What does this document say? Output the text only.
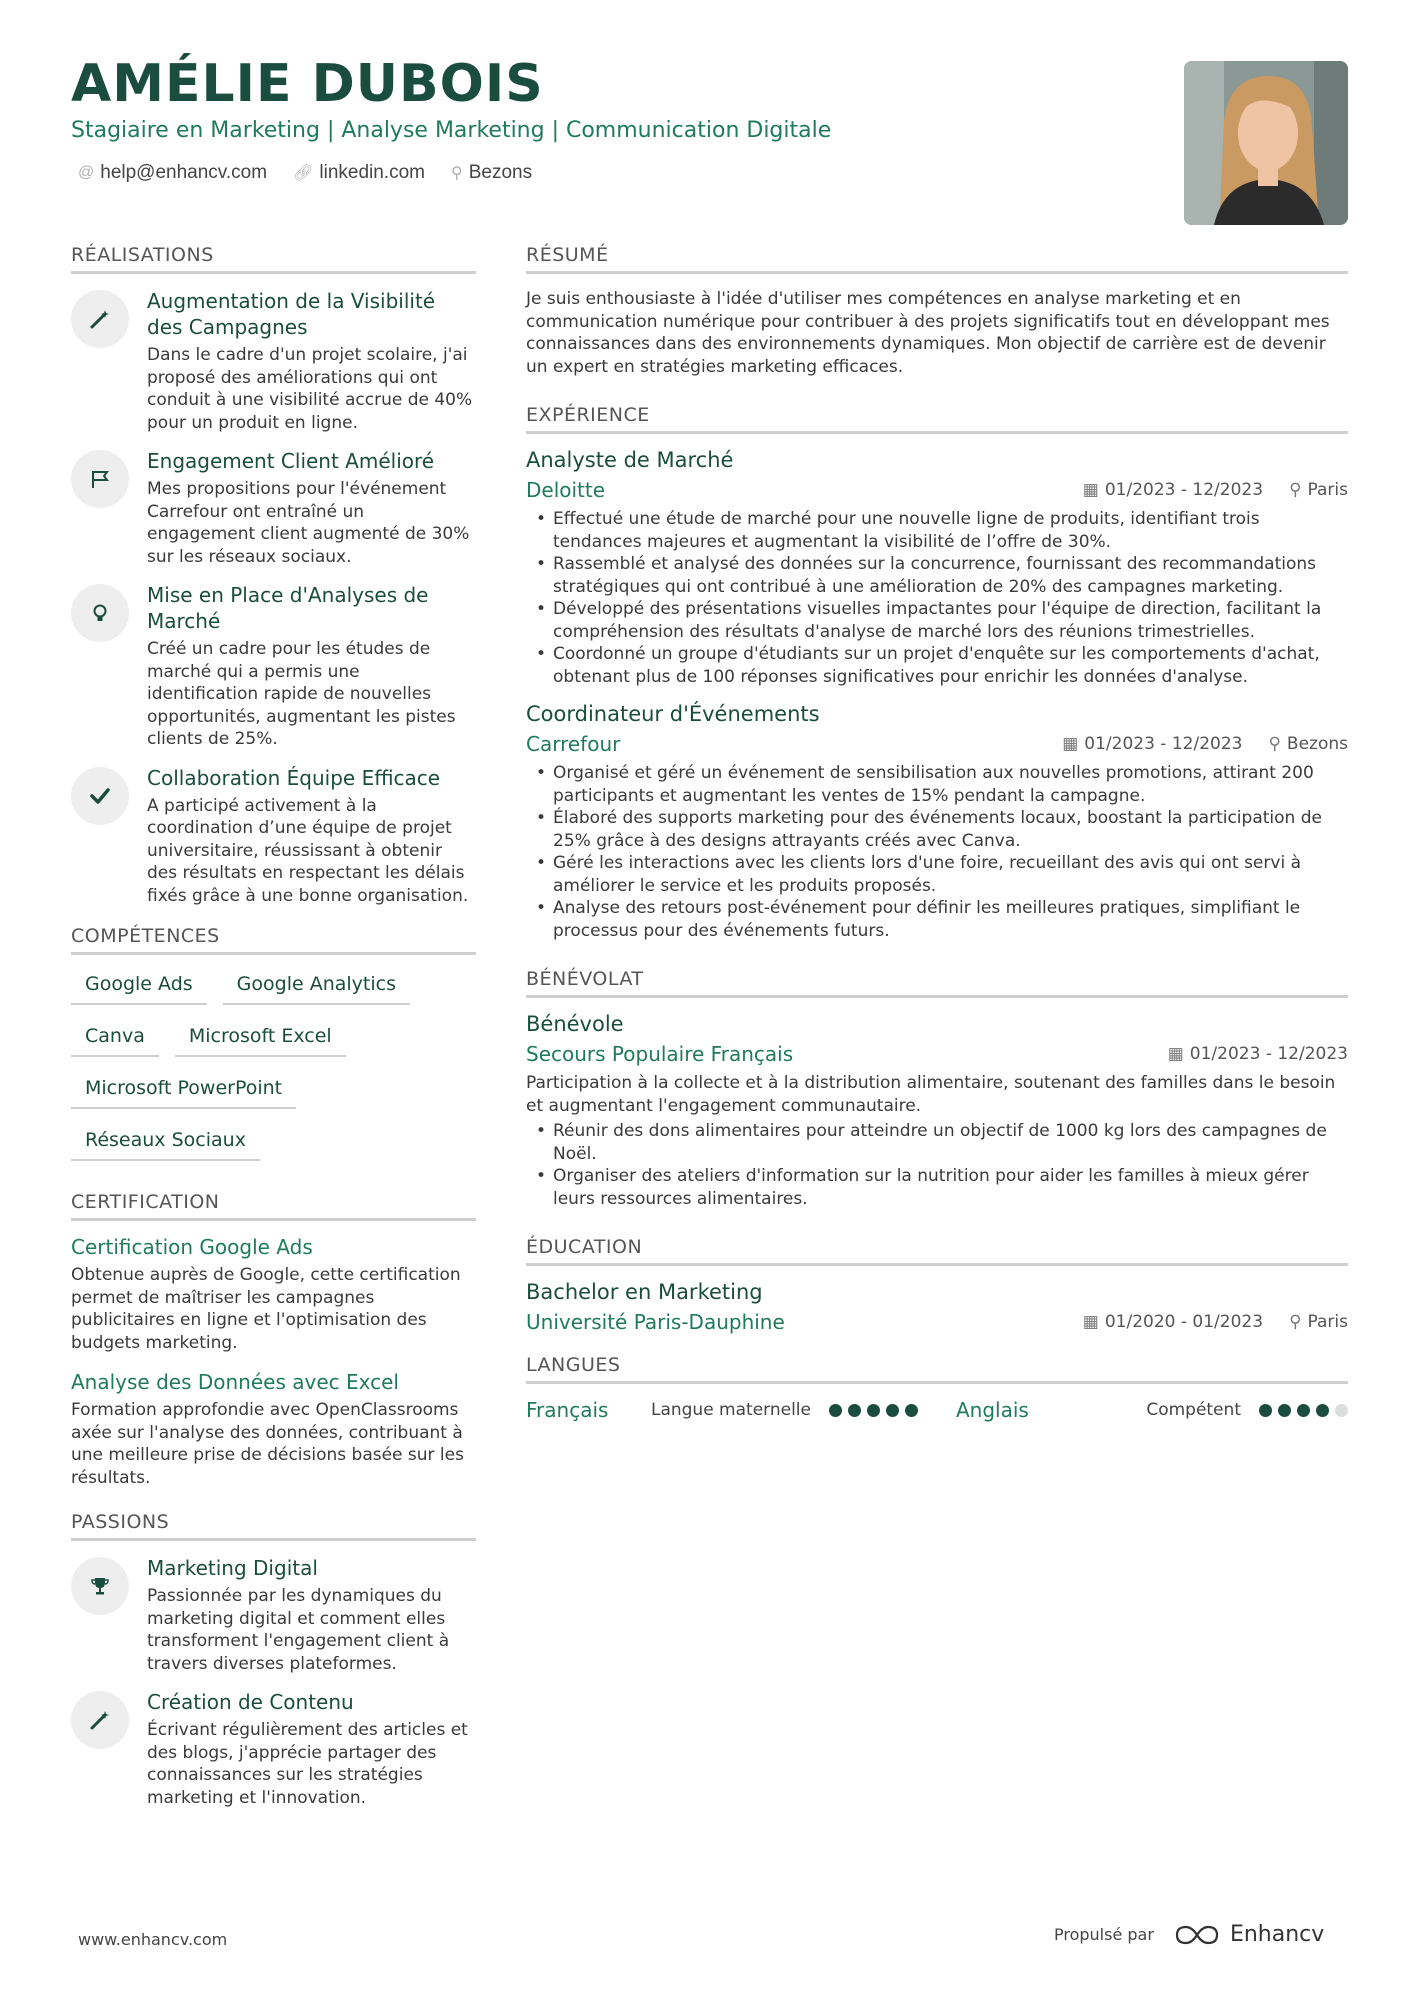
AMÉLIE DUBOIS
Stagiaire en Marketing | Analyse Marketing | Communication Digitale
@ help@enhancv.com 🔗︎ linkedin.com ⚲ Bezons
RÉALISATIONS
Augmentation de la Visibilité des Campagnes
Dans le cadre d'un projet scolaire, j'ai proposé des améliorations qui ont conduit à une visibilité accrue de 40% pour un produit en ligne.
Engagement Client Amélioré
Mes propositions pour l'événement Carrefour ont entraîné un engagement client augmenté de 30% sur les réseaux sociaux.
Mise en Place d'Analyses de Marché
Créé un cadre pour les études de marché qui a permis une identification rapide de nouvelles opportunités, augmentant les pistes clients de 25%.
Collaboration Équipe Efficace
A participé activement à la coordination d’une équipe de projet universitaire, réussissant à obtenir des résultats en respectant les délais fixés grâce à une bonne organisation.
COMPÉTENCES
Google Ads	Google Analytics
Canva	Microsoft Excel
Microsoft PowerPoint
Réseaux Sociaux
CERTIFICATION
Certification Google Ads
Obtenue auprès de Google, cette certification permet de maîtriser les campagnes publicitaires en ligne et l'optimisation des budgets marketing.
Analyse des Données avec Excel
Formation approfondie avec OpenClassrooms axée sur l'analyse des données, contribuant à une meilleure prise de décisions basée sur les résultats.
PASSIONS
Marketing Digital
Passionnée par les dynamiques du marketing digital et comment elles transforment l'engagement client à travers diverses plateformes.
Création de Contenu
Écrivant régulièrement des articles et des blogs, j'apprécie partager des connaissances sur les stratégies marketing et l'innovation.
RÉSUMÉ
Je suis enthousiaste à l'idée d'utiliser mes compétences en analyse marketing et en communication numérique pour contribuer à des projets significatifs tout en développant mes connaissances dans des environnements dynamiques. Mon objectif de carrière est de devenir un expert en stratégies marketing efficaces.
EXPÉRIENCE
Analyste de Marché
Deloitte	▦ 01/2023 - 12/2023 ⚲ Paris
• Effectué une étude de marché pour une nouvelle ligne de produits, identifiant trois tendances majeures et augmentant la visibilité de l’offre de 30%.
• Rassemblé et analysé des données sur la concurrence, fournissant des recommandations stratégiques qui ont contribué à une amélioration de 20% des campagnes marketing.
• Développé des présentations visuelles impactantes pour l'équipe de direction, facilitant la compréhension des résultats d'analyse de marché lors des réunions trimestrielles.
• Coordonné un groupe d'étudiants sur un projet d'enquête sur les comportements d'achat, obtenant plus de 100 réponses significatives pour enrichir les données d'analyse.
Coordinateur d'Événements
Carrefour	▦ 01/2023 - 12/2023 ⚲ Bezons
• Organisé et géré un événement de sensibilisation aux nouvelles promotions, attirant 200 participants et augmentant les ventes de 15% pendant la campagne.
• Élaboré des supports marketing pour des événements locaux, boostant la participation de 25% grâce à des designs attrayants créés avec Canva.
• Géré les interactions avec les clients lors d'une foire, recueillant des avis qui ont servi à améliorer le service et les produits proposés.
• Analyse des retours post-événement pour définir les meilleures pratiques, simplifiant le processus pour des événements futurs.
BÉNÉVOLAT
Bénévole
Secours Populaire Français	▦ 01/2023 - 12/2023
Participation à la collecte et à la distribution alimentaire, soutenant des familles dans le besoin et augmentant l'engagement communautaire.
• Réunir des dons alimentaires pour atteindre un objectif de 1000 kg lors des campagnes de Noël.
• Organiser des ateliers d'information sur la nutrition pour aider les familles à mieux gérer leurs ressources alimentaires.
ÉDUCATION
Bachelor en Marketing
Université Paris-Dauphine	▦ 01/2020 - 01/2023 ⚲ Paris
LANGUES
Français	Langue maternelle	Anglais	Compétent
www.enhancv.com	Propulsé par	Enhancv
